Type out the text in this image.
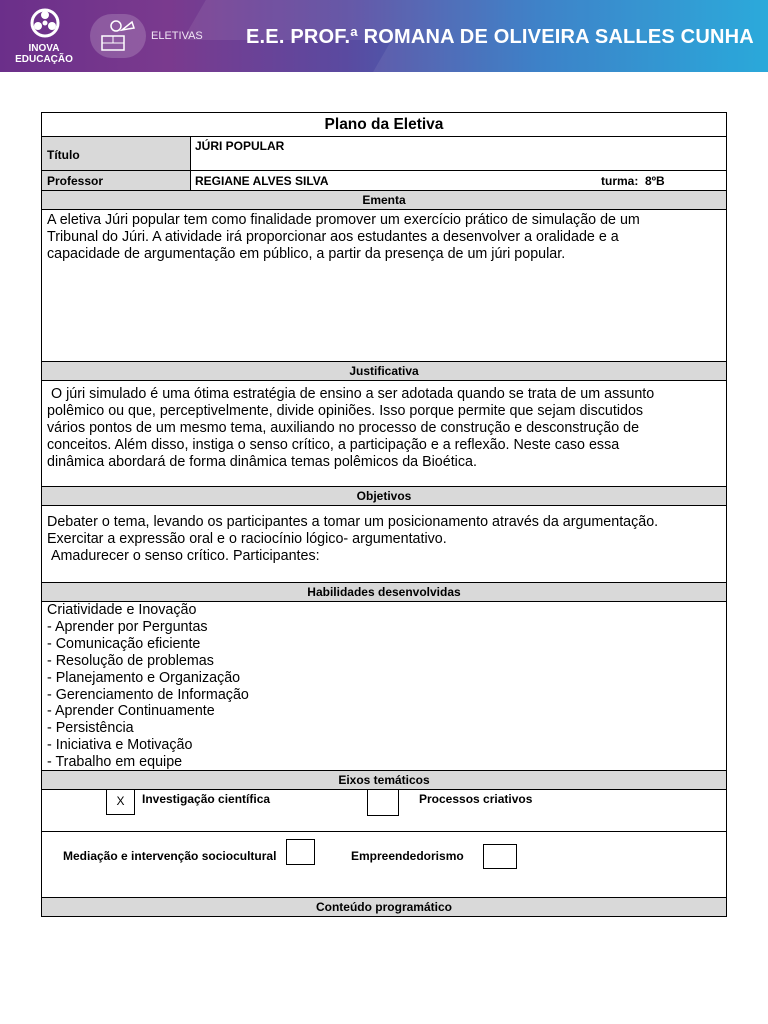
INOVA
EDUCAÇÃO
ELETIVAS E.E. PROF.ª ROMANA DE OLIVEIRA SALLES CUNHA
Plano da Eletiva
Título
JÚRI POPULAR
Professor	REGIANE ALVES SILVA	turma: 8ºB
Ementa
A eletiva Júri popular tem como finalidade promover um exercício prático de simulação de um
Tribunal do Júri. A atividade irá proporcionar aos estudantes a desenvolver a oralidade e a
capacidade de argumentação em público, a partir da presença de um júri popular.
Justificativa
O júri simulado é uma ótima estratégia de ensino a ser adotada quando se trata de um assunto
polêmico ou que, perceptivelmente, divide opiniões. Isso porque permite que sejam discutidos
vários pontos de um mesmo tema, auxiliando no processo de construção e desconstrução de
conceitos. Além disso, instiga o senso crítico, a participação e a reflexão. Neste caso essa
dinâmica abordará de forma dinâmica temas polêmicos da Bioética.
Objetivos
Debater o tema, levando os participantes a tomar um posicionamento através da argumentação.
Exercitar a expressão oral e o raciocínio lógico- argumentativo.
Amadurecer o senso crítico. Participantes:
Habilidades desenvolvidas
Criatividade e Inovação
- Aprender por Perguntas
- Comunicação eficiente
- Resolução de problemas
- Planejamento e Organização
- Gerenciamento de Informação
- Aprender Continuamente
- Persistência
- Iniciativa e Motivação
- Trabalho em equipe
Eixos temáticos
X	Investigação científica	Processos criativos
Mediação e intervenção sociocultural	Empreendedorismo
Conteúdo programático
